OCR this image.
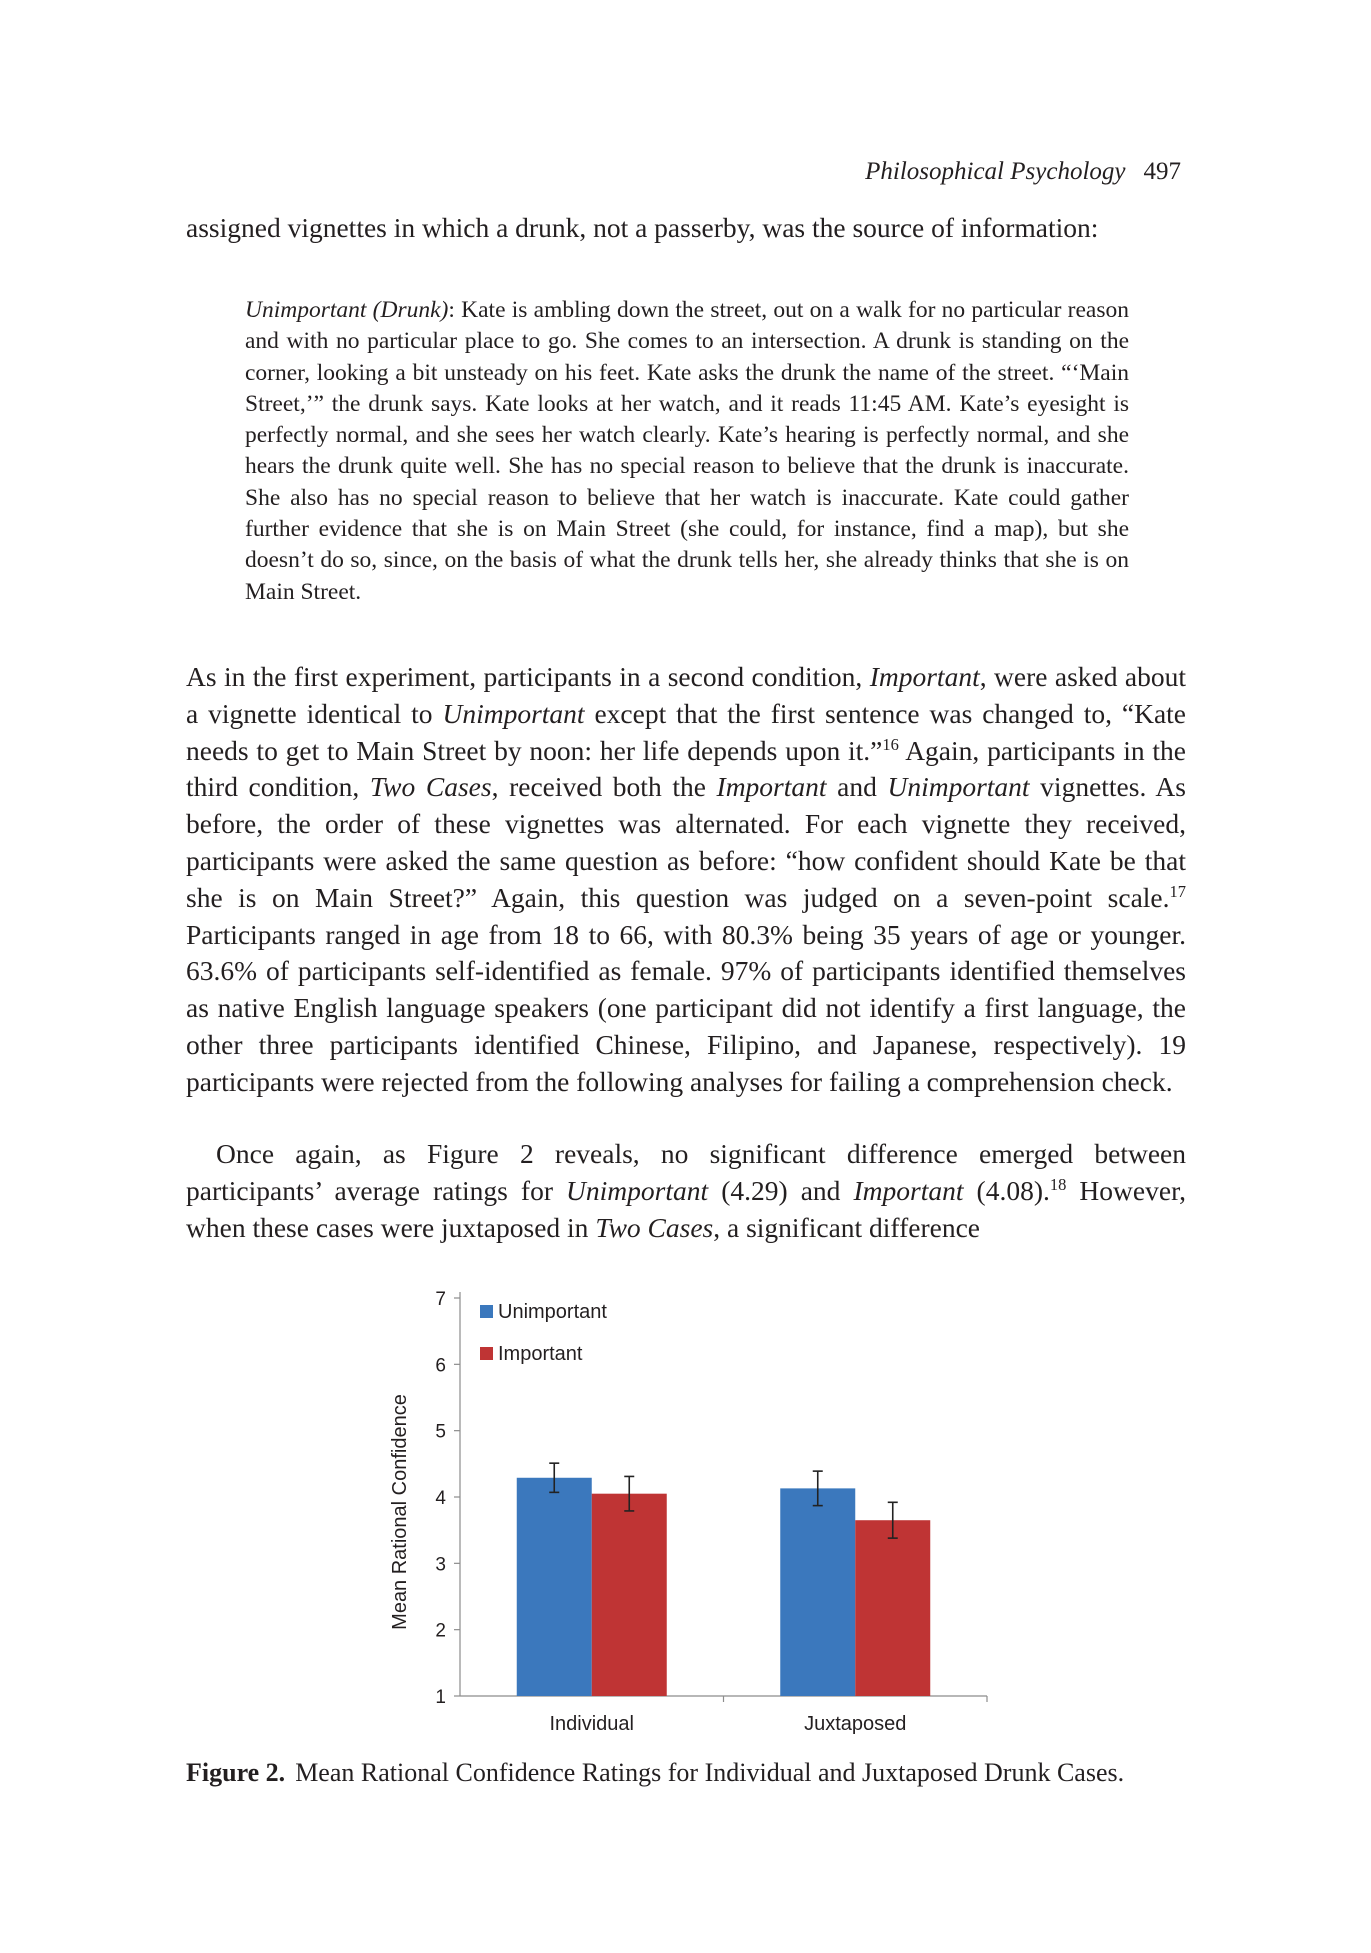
Philosophical Psychology 497

assigned vignettes in which a drunk, not a passerby, was the source of information:

Unimportant (Drunk): Kate is ambling down the street, out on a walk for no particular reason and with no particular place to go. She comes to an intersection. A drunk is standing on the corner, looking a bit unsteady on his feet. Kate asks the drunk the name of the street. “‘Main Street,’” the drunk says. Kate looks at her watch, and it reads 11:45 AM. Kate’s eyesight is perfectly normal, and she sees her watch clearly. Kate’s hearing is perfectly normal, and she hears the drunk quite well. She has no special reason to believe that the drunk is inaccurate. She also has no special reason to believe that her watch is inaccurate. Kate could gather further evidence that she is on Main Street (she could, for instance, find a map), but she doesn’t do so, since, on the basis of what the drunk tells her, she already thinks that she is on Main Street.

As in the first experiment, participants in a second condition, Important, were asked about a vignette identical to Unimportant except that the first sentence was changed to, “Kate needs to get to Main Street by noon: her life depends upon it.”$^{16}$ Again, participants in the third condition, Two Cases, received both the Important and Unimportant vignettes. As before, the order of these vignettes was alternated. For each vignette they received, participants were asked the same question as before: “how confident should Kate be that she is on Main Street?” Again, this question was judged on a seven-point scale.$^{17}$ Participants ranged in age from 18 to 66, with 80.3% being 35 years of age or younger. 63.6% of participants self-identified as female. 97% of participants identified themselves as native English language speakers (one participant did not identify a first language, the other three participants identified Chinese, Filipino, and Japanese, respectively). 19 participants were rejected from the following analyses for failing a comprehension check.

Once again, as Figure 2 reveals, no significant difference emerged between participants’ average ratings for Unimportant (4.29) and Important (4.08).$^{18}$ However, when these cases were juxtaposed in Two Cases, a significant difference

1
2
3
4
5
6
7
Individual	Juxtaposed
Unimportant
Important
Mean Rational Confidence
Figure 2. Mean Rational Confidence Ratings for Individual and Juxtaposed Drunk Cases.
